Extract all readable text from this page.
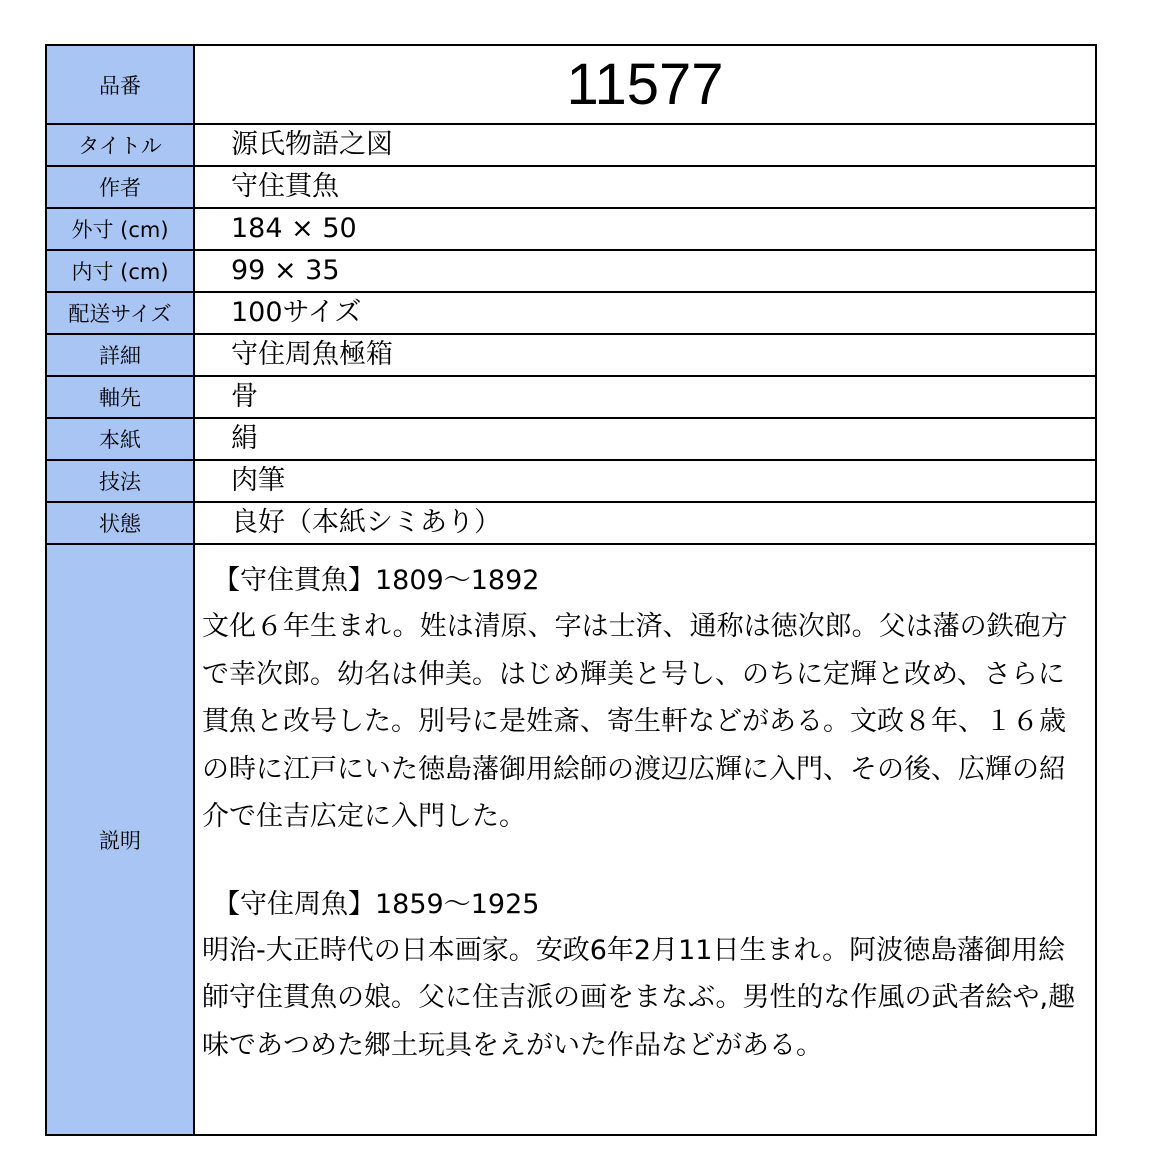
品番	11577
タイトル	源氏物語之図
作者	守住貫魚
外寸 (cm)	184 × 50
内寸 (cm)	99 × 35
配送サイズ	100サイズ
詳細	守住周魚極箱
軸先	骨
本紙	絹
技法	肉筆
状態	良好（本紙シミあり）
説明	【守住貫魚】1809〜1892
文化６年生まれ。姓は清原、字は士済、通称は徳次郎。父は藩の鉄砲方で幸次郎。幼名は伸美。はじめ輝美と号し、のちに定輝と改め、さらに貫魚と改号した。別号に是姓斎、寄生軒などがある。文政８年、１６歳の時に江戸にいた徳島藩御用絵師の渡辺広輝に入門、その後、広輝の紹介で住吉広定に入門した。
【守住周魚】1859〜1925
明治-大正時代の日本画家。安政6年2月11日生まれ。阿波徳島藩御用絵師守住貫魚の娘。父に住吉派の画をまなぶ。男性的な作風の武者絵や,趣味であつめた郷土玩具をえがいた作品などがある。
